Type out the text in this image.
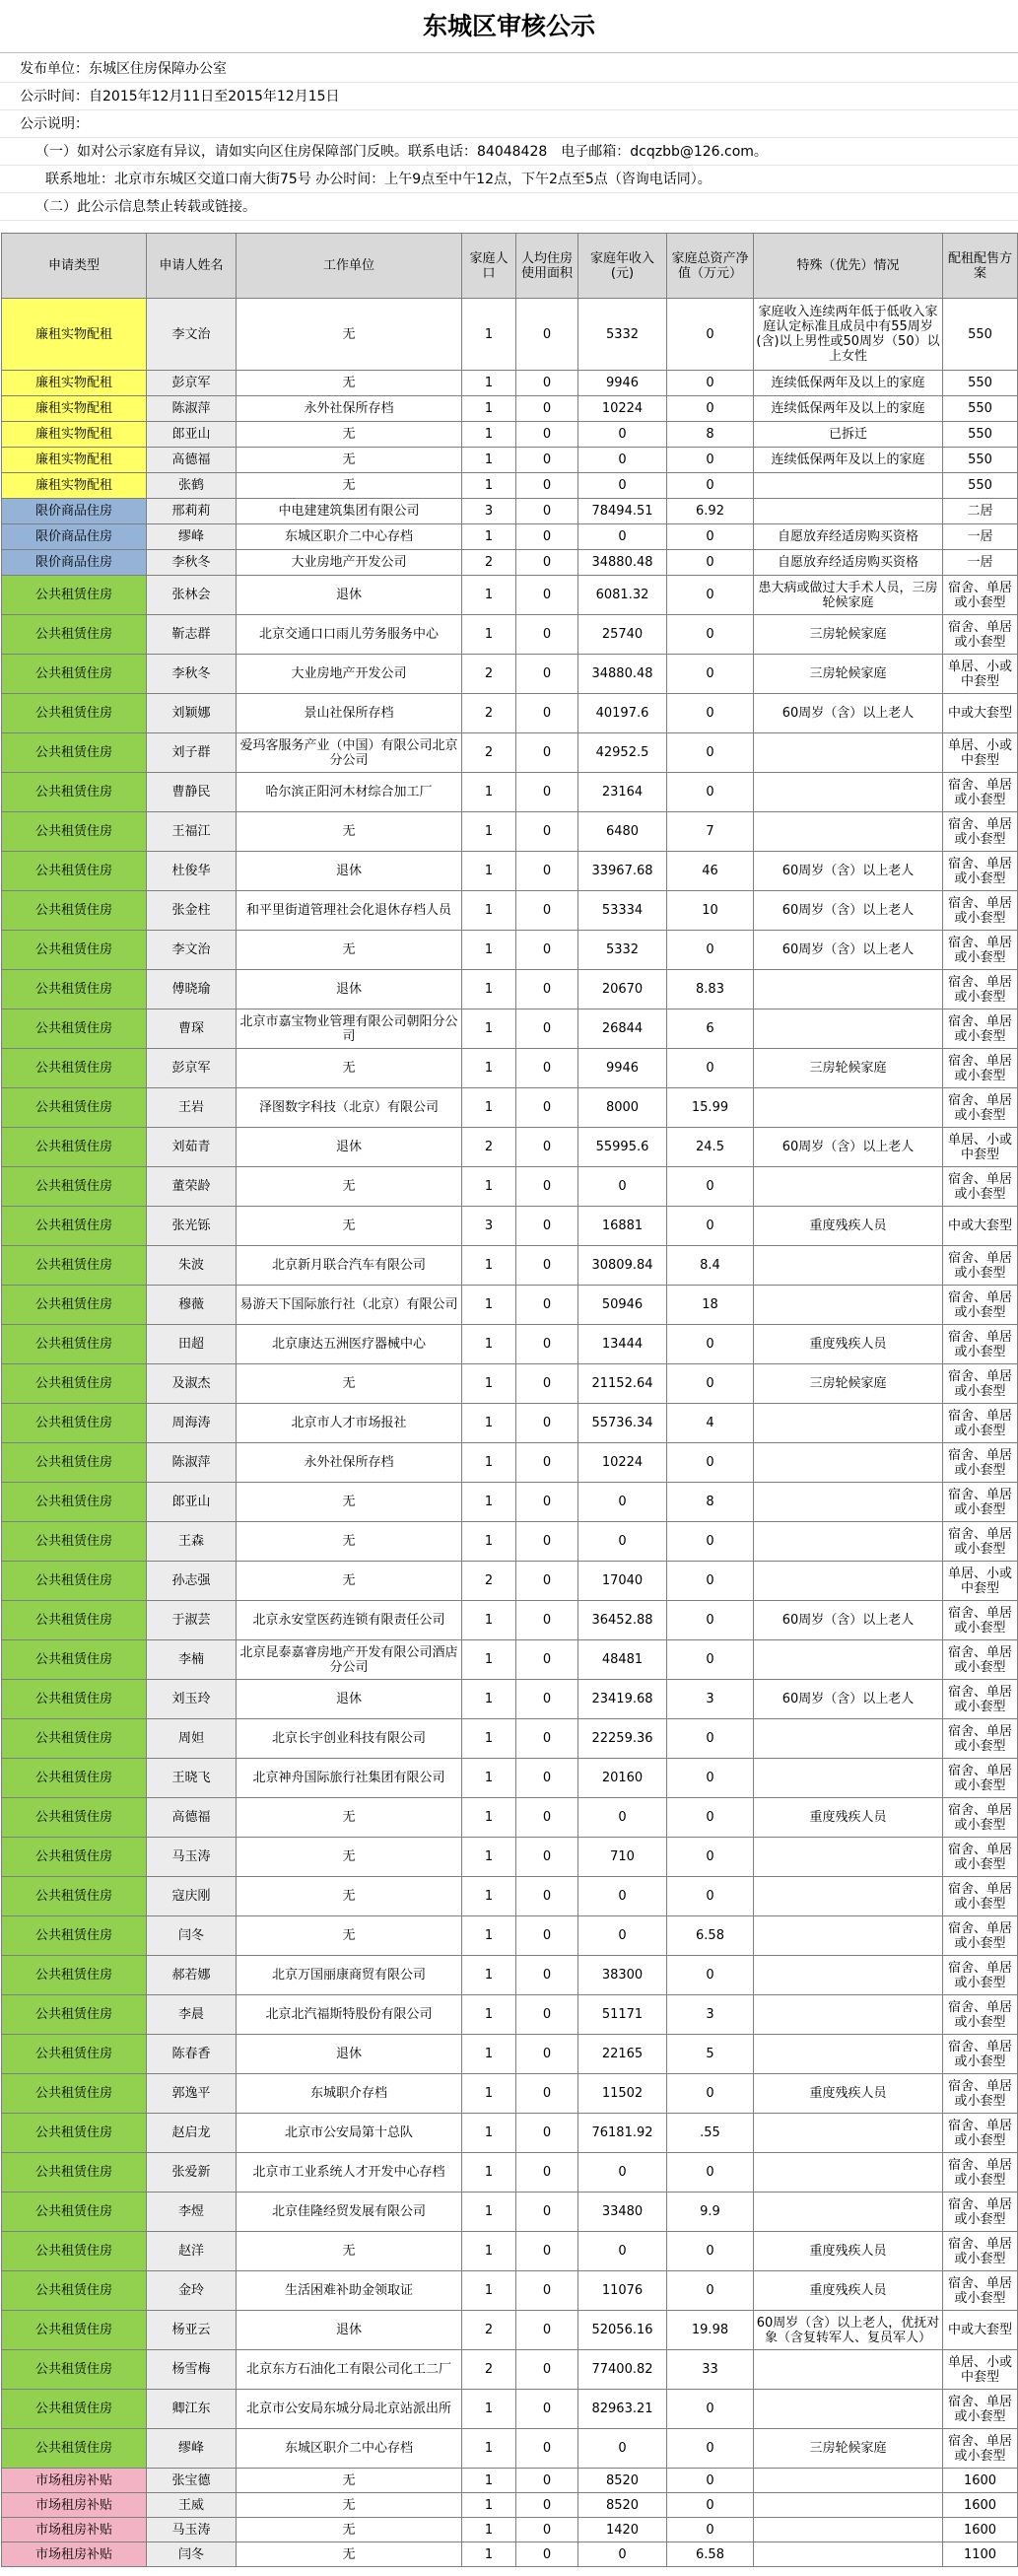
东城区审核公示
发布单位：东城区住房保障办公室
公示时间：自2015年12月11日至2015年12月15日
公示说明：
（一）如对公示家庭有异议，请如实向区住房保障部门反映。联系电话：84048428　电子邮箱：dcqzbb@126.com。
联系地址：北京市东城区交道口南大街75号 办公时间：上午9点至中午12点，下午2点至5点（咨询电话同）。
（二）此公示信息禁止转载或链接。
申请类型	申请人姓名	工作单位	家庭人口	人均住房使用面积	家庭年收入(元)	家庭总资产净值（万元）	特殊（优先）情况	配租配售方案
廉租实物配租	李文治	无	1	0	5332	0	家庭收入连续两年低于低收入家庭认定标准且成员中有55周岁(含)以上男性或50周岁（50）以上女性	550
廉租实物配租	彭京军	无	1	0	9946	0	连续低保两年及以上的家庭	550
廉租实物配租	陈淑萍	永外社保所存档	1	0	10224	0	连续低保两年及以上的家庭	550
廉租实物配租	郎亚山	无	1	0	0	8	已拆迁	550
廉租实物配租	高德福	无	1	0	0	0	连续低保两年及以上的家庭	550
廉租实物配租	张鹤	无	1	0	0	0		550
限价商品住房	邢莉莉	中电建建筑集团有限公司	3	0	78494.51	6.92		二居
限价商品住房	缪峰	东城区职介二中心存档	1	0	0	0	自愿放弃经适房购买资格	一居
限价商品住房	李秋冬	大业房地产开发公司	2	0	34880.48	0	自愿放弃经适房购买资格	一居
公共租赁住房	张林会	退休	1	0	6081.32	0	患大病或做过大手术人员，三房轮候家庭	宿舍、单居或小套型
公共租赁住房	靳志群	北京交通口口雨儿劳务服务中心	1	0	25740	0	三房轮候家庭	宿舍、单居或小套型
公共租赁住房	李秋冬	大业房地产开发公司	2	0	34880.48	0	三房轮候家庭	单居、小或中套型
公共租赁住房	刘颖娜	景山社保所存档	2	0	40197.6	0	60周岁（含）以上老人	中或大套型
公共租赁住房	刘子群	爱玛客服务产业（中国）有限公司北京分公司	2	0	42952.5	0		单居、小或中套型
公共租赁住房	曹静民	哈尔滨正阳河木材综合加工厂	1	0	23164	0		宿舍、单居或小套型
公共租赁住房	王福江	无	1	0	6480	7		宿舍、单居或小套型
公共租赁住房	杜俊华	退休	1	0	33967.68	46	60周岁（含）以上老人	宿舍、单居或小套型
公共租赁住房	张金柱	和平里街道管理社会化退休存档人员	1	0	53334	10	60周岁（含）以上老人	宿舍、单居或小套型
公共租赁住房	李文治	无	1	0	5332	0	60周岁（含）以上老人	宿舍、单居或小套型
公共租赁住房	傅晓瑜	退休	1	0	20670	8.83		宿舍、单居或小套型
公共租赁住房	曹琛	北京市嘉宝物业管理有限公司朝阳分公司	1	0	26844	6		宿舍、单居或小套型
公共租赁住房	彭京军	无	1	0	9946	0	三房轮候家庭	宿舍、单居或小套型
公共租赁住房	王岩	泽图数字科技（北京）有限公司	1	0	8000	15.99		宿舍、单居或小套型
公共租赁住房	刘茹青	退休	2	0	55995.6	24.5	60周岁（含）以上老人	单居、小或中套型
公共租赁住房	董荣龄	无	1	0	0	0		宿舍、单居或小套型
公共租赁住房	张光铄	无	3	0	16881	0	重度残疾人员	中或大套型
公共租赁住房	朱波	北京新月联合汽车有限公司	1	0	30809.84	8.4		宿舍、单居或小套型
公共租赁住房	穆薇	易游天下国际旅行社（北京）有限公司	1	0	50946	18		宿舍、单居或小套型
公共租赁住房	田超	北京康达五洲医疗器械中心	1	0	13444	0	重度残疾人员	宿舍、单居或小套型
公共租赁住房	及淑杰	无	1	0	21152.64	0	三房轮候家庭	宿舍、单居或小套型
公共租赁住房	周海涛	北京市人才市场报社	1	0	55736.34	4		宿舍、单居或小套型
公共租赁住房	陈淑萍	永外社保所存档	1	0	10224	0		宿舍、单居或小套型
公共租赁住房	郎亚山	无	1	0	0	8		宿舍、单居或小套型
公共租赁住房	王森	无	1	0	0	0		宿舍、单居或小套型
公共租赁住房	孙志强	无	2	0	17040	0		单居、小或中套型
公共租赁住房	于淑芸	北京永安堂医药连锁有限责任公司	1	0	36452.88	0	60周岁（含）以上老人	宿舍、单居或小套型
公共租赁住房	李楠	北京昆泰嘉睿房地产开发有限公司酒店分公司	1	0	48481	0		宿舍、单居或小套型
公共租赁住房	刘玉玲	退休	1	0	23419.68	3	60周岁（含）以上老人	宿舍、单居或小套型
公共租赁住房	周妲	北京长宇创业科技有限公司	1	0	22259.36	0		宿舍、单居或小套型
公共租赁住房	王晓飞	北京神舟国际旅行社集团有限公司	1	0	20160	0		宿舍、单居或小套型
公共租赁住房	高德福	无	1	0	0	0	重度残疾人员	宿舍、单居或小套型
公共租赁住房	马玉涛	无	1	0	710	0		宿舍、单居或小套型
公共租赁住房	寇庆刚	无	1	0	0	0		宿舍、单居或小套型
公共租赁住房	闫冬	无	1	0	0	6.58		宿舍、单居或小套型
公共租赁住房	郝若娜	北京万国丽康商贸有限公司	1	0	38300	0		宿舍、单居或小套型
公共租赁住房	李晨	北京北汽福斯特股份有限公司	1	0	51171	3		宿舍、单居或小套型
公共租赁住房	陈春香	退休	1	0	22165	5		宿舍、单居或小套型
公共租赁住房	郭逸平	东城职介存档	1	0	11502	0	重度残疾人员	宿舍、单居或小套型
公共租赁住房	赵启龙	北京市公安局第十总队	1	0	76181.92	.55		宿舍、单居或小套型
公共租赁住房	张爱新	北京市工业系统人才开发中心存档	1	0	0	0		宿舍、单居或小套型
公共租赁住房	李煜	北京佳隆经贸发展有限公司	1	0	33480	9.9		宿舍、单居或小套型
公共租赁住房	赵洋	无	1	0	0	0	重度残疾人员	宿舍、单居或小套型
公共租赁住房	金玲	生活困难补助金领取证	1	0	11076	0	重度残疾人员	宿舍、单居或小套型
公共租赁住房	杨亚云	退休	2	0	52056.16	19.98	60周岁（含）以上老人，优抚对象（含复转军人、复员军人）	中或大套型
公共租赁住房	杨雪梅	北京东方石油化工有限公司化工二厂	2	0	77400.82	33		单居、小或中套型
公共租赁住房	卿江东	北京市公安局东城分局北京站派出所	1	0	82963.21	0		宿舍、单居或小套型
公共租赁住房	缪峰	东城区职介二中心存档	1	0	0	0	三房轮候家庭	宿舍、单居或小套型
市场租房补贴	张宝德	无	1	0	8520	0		1600
市场租房补贴	王威	无	1	0	8520	0		1600
市场租房补贴	马玉涛	无	1	0	1420	0		1600
市场租房补贴	闫冬	无	1	0	0	6.58		1100
